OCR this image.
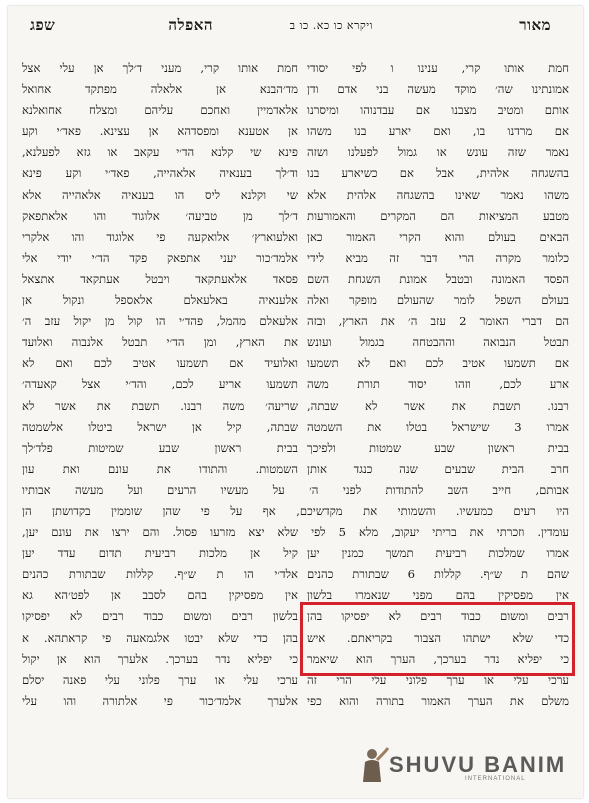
מאור
ויקרא כו כא. כו ב
האפלה
שפג
חמת אותו קרי, ענינו ו לפי יסודי
אמונתינו שה׳ מוקד מעשה בני אדם ודן
אותם ומטיב מצבנו אם עבדנוהו ומיסרנו
אם מרדנו בו, ואם יארע בנו משהו
נאמר שזה עונש או גמול לפעלנו ושזה
בהשגחה אלהית, אבל אם כשיארע בנו
משהו נאמר שאינו בהשגחה אלהית אלא
מטבע המציאות הם המקרים והאמורעות
הבאים בעולם והוא הקרי האמור כאן
כלומר מקרה הרי דבר זה מביא לידי
הפסד האמונה ובטבל אמונת השגחת השם
בעולם השפל לומר שהעולם מופקר ואלה
הם דברי האומר 2 עזב ה׳ את הארץ, ובזה
תבטל הנבואה וההבטחה בגמול ועונש
אם תשמעו אטיב לכם ואם לא תשמעו
ארע לכם, וזהו יסוד תורת משה
רבנו. תשבת את אשר לא שבתה,
אמרו 3 שישראל בטלו את השמטה
בבית ראשון שבע שמטות ולפיכך
חרב הבית שבעים שנה כנגד אותן
אבותם, חייב השב להתודות לפני ה׳ על מעשיו הרעים ועל מעשה אבותיו
היו רעים כמעשיו. והשמותי את מקדשיכם, אף על פי שהן שוממין בקדושתן הן
עומדין. וזכרתי את בריתי יעקוב, מלא 5 לפי שלא יצא מזרעו פסול. והם ירצו את עונם יען,
אמרו שמלכות רביעית תמשך כמנין יען
שהם ת ש״ף. קללות 6 שבתורת כהנים
אין מפסיקין בהם מפני שנאמרו בלשון
רבים ומשום כבוד רבים לא יפסיקו בהן
כדי שלא ישתהו הצבור בקריאתם. איש
כי יפליא נדר בערכך, הערך הוא שיאמר
ערכי עלי או ערך פלוני עלי הרי זה
משלם את הערך האמור בתורה והוא כפי
חמת אותו קרי, מעני ד׳לך אן עלי אצל
מד׳הבנא אן אלאלה מפתקד אחואל
אלאדמיין ואחכם עליהם ומצלח אחואלנא
אן אטענא ומפסדהא אן עצינא. פאד׳י וקע
פינא שי קלנא הד׳י עקאב או גזא לפעלנא,
וד׳לך בענאיה אלאהייה, פאד׳י וקע פינא
שי וקלנא ליס הו בענאיה אלאהייה אלא
ד׳לך מן טביעה׳ אלוגוד והו אלאתפאק
ואלעוארץ׳ אלואקעה פי אלוגוד והו אלקרי
אלמד׳כור יעני אתפאק פקד הד׳י יודי אלי
פסאד אלאעתקאד ויבטל אעתקאד אתצאל
אלענאיה באלעאלם אלאספל ונקול אן
אלעאלם מהמל, פהד׳י הו קול מן יקול עזב ה׳
את הארץ, ומן הד׳י תבטל אלנבוה ואלועד
ואלועיד אם תשמעו אטיב לכם ואם לא
תשמעו אריע לכם, והד׳י אצל קאעדה׳
שריעה׳ משה רבנו. תשבת את אשר לא
שבתה, קיל אן ישראל ביטלו אלשמטה
בבית ראשון שבע שמיטות פלד׳לך
השמטות. והתודו את עונם ואת עון
קיל אן מלכות רביעית תדום עדד יען
אלד׳י הו ת ש״ף. קללות שבתורת כהנים
אין מפסיקין בהם לסבב אן לפט׳הא גא
בלשון רבים ומשום כבוד רבים לא יפסיקו
בהן כדי שלא יבטו אלגמאעה פי קראתהא. א
כי יפליא נדר בערכך. אלערך הוא אן יקול
ערכי עלי או ערך פלוני עלי פאנה יסלם
אלערך אלמד׳כור פי אלתורה והו עלי
SHUVU BANIM
INTERNATIONAL
